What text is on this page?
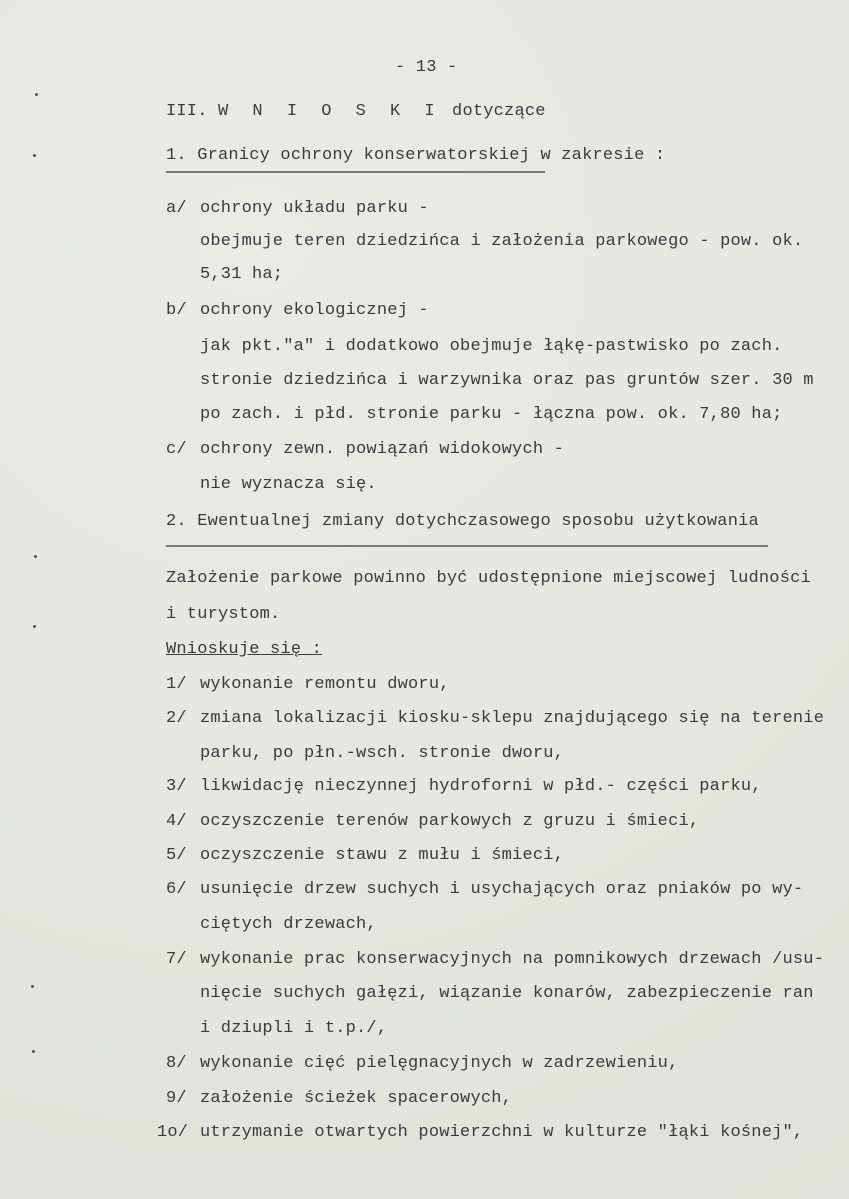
- 13 -
III. W N I O S K I dotyczące
1. Granicy ochrony konserwatorskiej w zakresie :
a/ ochrony układu parku -
obejmuje teren dziedzińca i założenia parkowego - pow. ok.
5,31 ha;
b/ ochrony ekologicznej -
jak pkt."a" i dodatkowo obejmuje łąkę-pastwisko po zach.
stronie dziedzińca i warzywnika oraz pas gruntów szer. 30 m
po zach. i płd. stronie parku - łączna pow. ok. 7,80 ha;
c/ ochrony zewn. powiązań widokowych -
nie wyznacza się.
2. Ewentualnej zmiany dotychczasowego sposobu użytkowania
Założenie parkowe powinno być udostępnione miejscowej ludności
i turystom.
Wnioskuje się :
1/ wykonanie remontu dworu,
2/ zmiana lokalizacji kiosku-sklepu znajdującego się na terenie
parku, po płn.-wsch. stronie dworu,
3/ likwidację nieczynnej hydroforni w płd.- części parku,
4/ oczyszczenie terenów parkowych z gruzu i śmieci,
5/ oczyszczenie stawu z mułu i śmieci,
6/ usunięcie drzew suchych i usychających oraz pniaków po wy-
ciętych drzewach,
7/ wykonanie prac konserwacyjnych na pomnikowych drzewach /usu-
nięcie suchych gałęzi, wiązanie konarów, zabezpieczenie ran
i dziupli i t.p./,
8/ wykonanie cięć pielęgnacyjnych w zadrzewieniu,
9/ założenie ścieżek spacerowych,
1o/ utrzymanie otwartych powierzchni w kulturze "łąki kośnej",
